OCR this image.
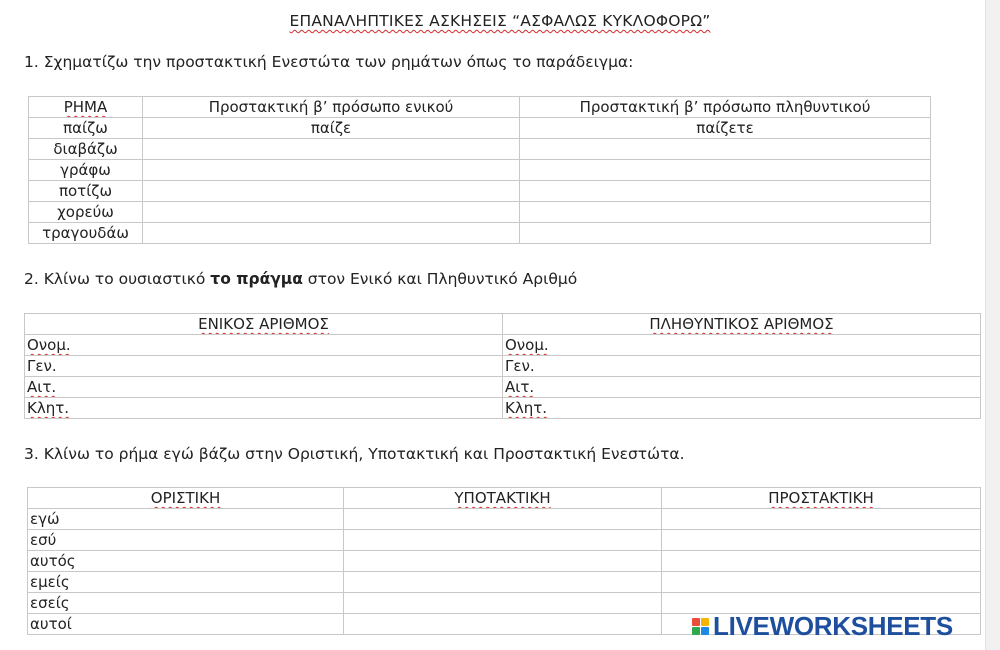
ΕΠΑΝΑΛΗΠΤΙΚΕΣ ΑΣΚΗΣΕΙΣ “ΑΣΦΑΛΩΣ ΚΥΚΛΟΦΟΡΩ”
1. Σχηματίζω την προστακτική Ενεστώτα των ρημάτων όπως το παράδειγμα:
ΡΗΜΑ	Προστακτική β’ πρόσωπο ενικού	Προστακτική β’ πρόσωπο πληθυντικού
παίζω	παίζε	παίζετε
διαβάζω		
γράφω		
ποτίζω		
χορεύω		
τραγουδάω		
2. Κλίνω το ουσιαστικό το πράγμα στον Ενικό και Πληθυντικό Αριθμό
ΕΝΙΚΟΣ ΑΡΙΘΜΟΣ	ΠΛΗΘΥΝΤΙΚΟΣ ΑΡΙΘΜΟΣ
Ονομ.	Ονομ.
Γεν.	Γεν.
Αιτ.	Αιτ.
Κλητ.	Κλητ.
3. Κλίνω το ρήμα εγώ βάζω στην Οριστική, Υποτακτική και Προστακτική Ενεστώτα.
ΟΡΙΣΤΙΚΗ	ΥΠΟΤΑΚΤΙΚΗ	ΠΡΟΣΤΑΚΤΙΚΗ
εγώ		
εσύ		
αυτός		
εμείς		
εσείς		
αυτοί			LIVEWORKSHEETS
